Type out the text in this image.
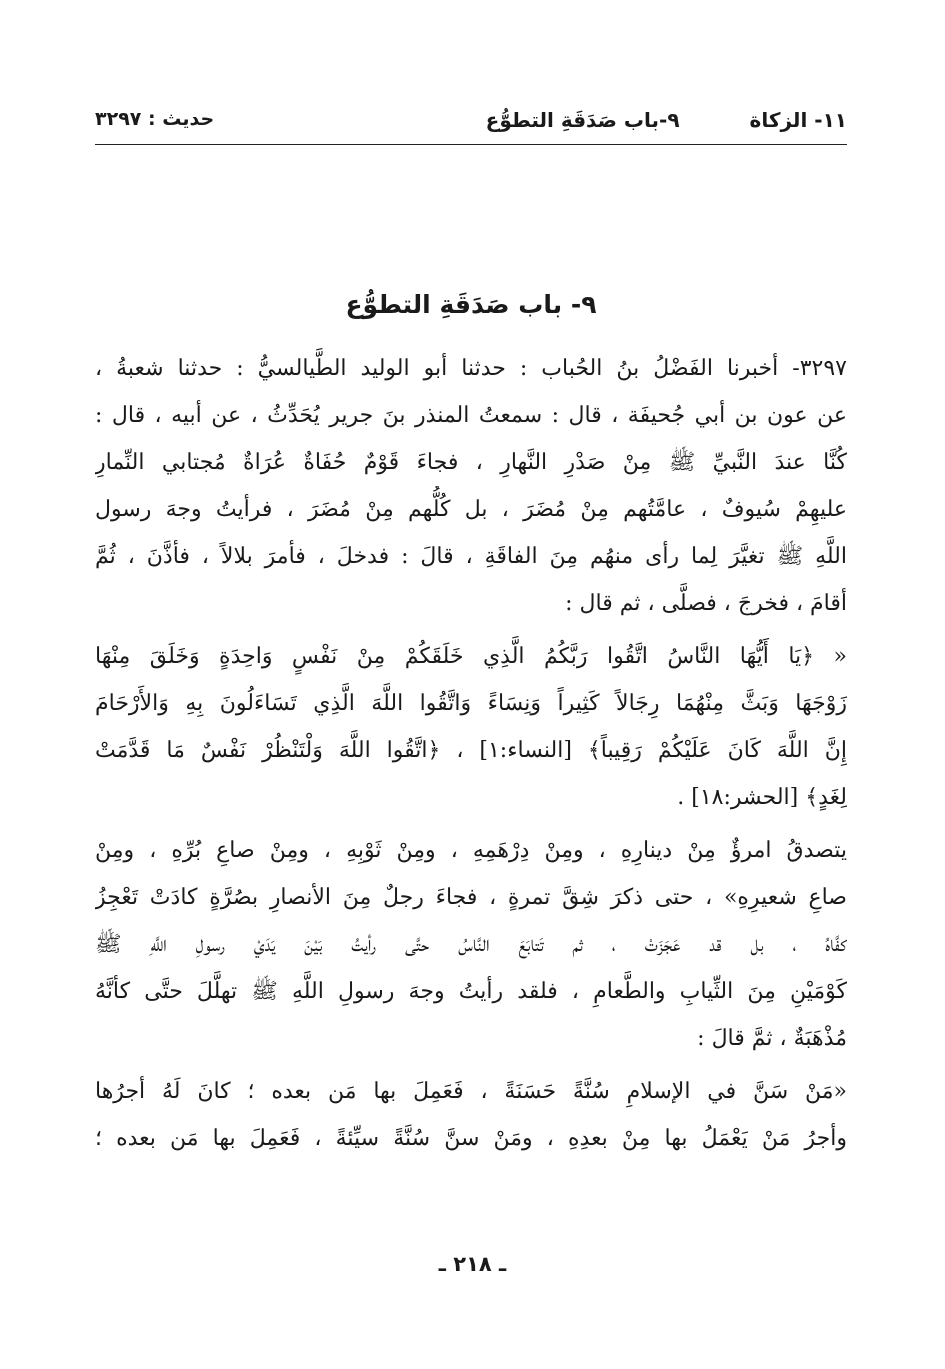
١١- الزكاة٩-باب صَدَقَةِ التطوُّع
حديث : ٣٢٩٧
٩- باب صَدَقَةِ التطوُّع
٣٢٩٧- أخبرنا الفَضْلُ بنُ الحُباب : حدثنا أبو الوليد الطَّيالسيُّ : حدثنا شعبةُ ،
عن عون بن أبي جُحيفَة ، قال : سمعتُ المنذر بنَ جرير يُحَدِّثُ ، عن أبيه ، قال :
كُنَّا عندَ النَّبيِّ ﷺ مِنْ صَدْرِ النَّهارِ ، فجاءَ قَوْمٌ حُفَاةٌ عُرَاةٌ مُجتابي النِّمارِ
عليهِمْ سُيوفٌ ، عامَّتُهم مِنْ مُضَرَ ، بل كُلُّهم مِنْ مُضَرَ ، فرأيتُ وجهَ رسول
اللَّهِ ﷺ تغيَّرَ لِما رأى منهُم مِنَ الفاقَةِ ، قالَ : فدخلَ ، فأمرَ بلالاً ، فأذَّنَ ، ثُمَّ
أقامَ ، فخرجَ ، فصلَّى ، ثم قال :
« ﴿يَا أَيُّهَا النَّاسُ اتَّقُوا رَبَّكُمُ الَّذِي خَلَقَكُمْ مِنْ نَفْسٍ وَاحِدَةٍ وَخَلَقَ مِنْهَا
زَوْجَهَا وَبَثَّ مِنْهُمَا رِجَالاً كَثِيراً وَنِسَاءً وَاتَّقُوا اللَّهَ الَّذِي تَسَاءَلُونَ بِهِ وَالأَرْحَامَ
إِنَّ اللَّهَ كَانَ عَلَيْكُمْ رَقِيباً﴾ [النساء:١] ، ﴿اتَّقُوا اللَّهَ وَلْتَنْظُرْ نَفْسٌ مَا قَدَّمَتْ
لِغَدٍ﴾ [الحشر:١٨] .
يتصدقُ امرؤٌ مِنْ دينارِهِ ، ومِنْ دِرْهَمِهِ ، ومِنْ ثَوْبِهِ ، ومِنْ صاعِ بُرِّهِ ، ومِنْ
صاعِ شعيرِهِ» ، حتى ذكرَ شِقَّ تمرةٍ ، فجاءَ رجلٌ مِنَ الأنصارِ بصُرَّةٍ كادَتْ تَعْجِزُ
كفَّاهُ ، بل قد عَجَزَتْ ، ثم تَتابَعَ النَّاسُ حتَّى رأيتُ بَيْنَ يَدَيْ رسولِ اللَّهِ ﷺ
كَوْمَيْنِ مِنَ الثِّيابِ والطَّعامِ ، فلقد رأيتُ وجهَ رسولِ اللَّهِ ﷺ تهلَّلَ حتَّى كأنَّهُ
مُذْهَبَةٌ ، ثمَّ قالَ :
«مَنْ سَنَّ في الإسلامِ سُنَّةً حَسَنَةً ، فَعَمِلَ بها مَن بعده ؛ كانَ لَهُ أجرُها
وأجرُ مَنْ يَعْمَلُ بها مِنْ بعدِهِ ، ومَنْ سنَّ سُنَّةً سيِّئةً ، فَعَمِلَ بها مَن بعده ؛
ـ ٢١٨ ـ
